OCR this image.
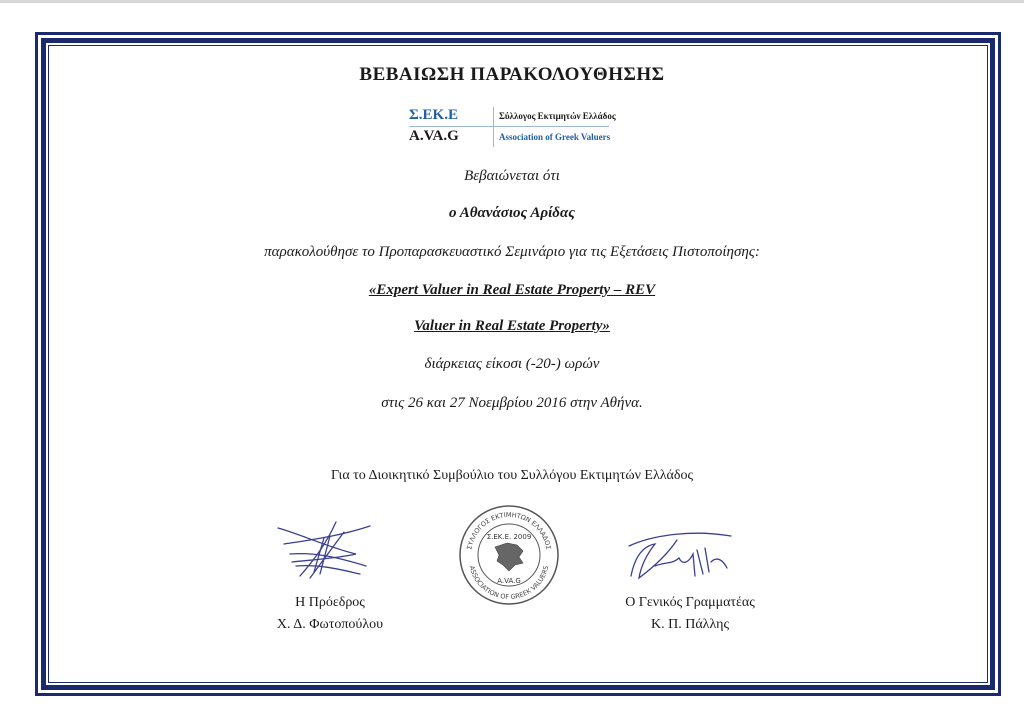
ΒΕΒΑΙΩΣΗ ΠΑΡΑΚΟΛΟΥΘΗΣΗΣ
Σ.ΕΚ.Ε
A.VA.G
Σύλλογος Εκτιμητών Ελλάδος
Association of Greek Valuers
Βεβαιώνεται ότι
ο Αθανάσιος Αρίδας
παρακολούθησε το Προπαρασκευαστικό Σεμινάριο για τις Εξετάσεις Πιστοποίησης:
«Expert Valuer in Real Estate Property – REV
Valuer in Real Estate Property»
διάρκειας είκοσι (-20-) ωρών
στις 26 και 27 Νοεμβρίου 2016 στην Αθήνα.
Για το Διοικητικό Συμβούλιο του Συλλόγου Εκτιμητών Ελλάδος
ΣΥΛΛΟΓΟΣ ΕΚΤΙΜΗΤΩΝ ΕΛΛΑΔΟΣ
ASSOCIATION OF GREEK VALUERS
Σ.ΕΚ.Ε. 2009
A.VA.G
Η Πρόεδρος
Χ. Δ. Φωτοπούλου
Ο Γενικός Γραμματέας
Κ. Π. Πάλλης
